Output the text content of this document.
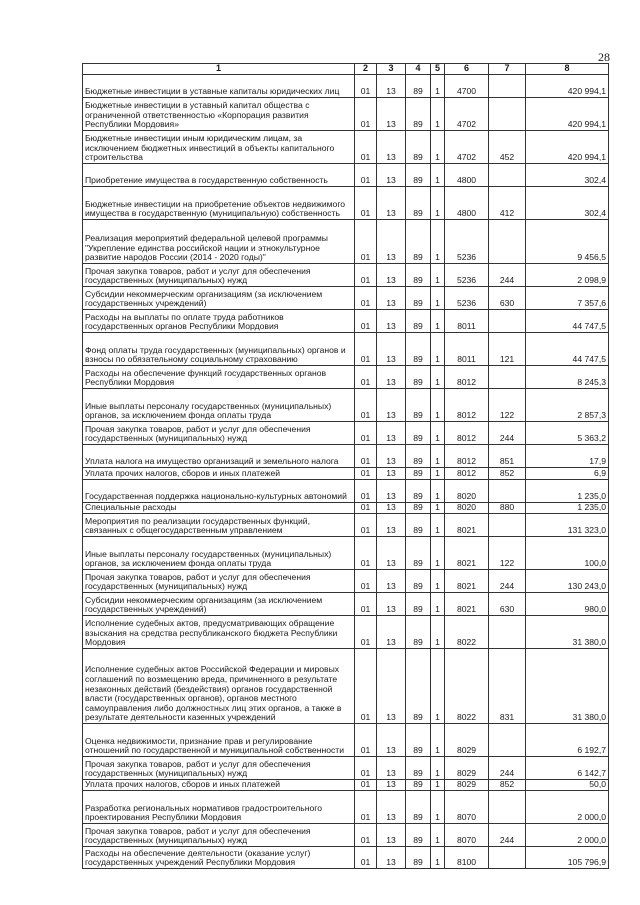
28
1	2	3	4	5	6	7	8
Бюджетные инвестиции в уставные капиталы юридических лиц	01	13	89	1	4700		420 994,1
Бюджетные инвестиции в уставный капитал общества с ограниченной ответственностью «Корпорация развития Республики Мордовия»	01	13	89	1	4702		420 994,1
Бюджетные инвестиции иным юридическим лицам, за исключением бюджетных инвестиций в объекты капитального строительства	01	13	89	1	4702	452	420 994,1
Приобретение имущества в государственную собственность	01	13	89	1	4800		302,4
Бюджетные инвестиции на приобретение объектов недвижимого имущества в государственную (муниципальную) собственность	01	13	89	1	4800	412	302,4
Реализация мероприятий федеральной целевой программы "Укрепление единства российской нации и этнокультурное развитие народов России (2014 - 2020 годы)"	01	13	89	1	5236		9 456,5
Прочая закупка товаров, работ и услуг для обеспечения государственных (муниципальных) нужд	01	13	89	1	5236	244	2 098,9
Субсидии некоммерческим организациям (за исключением государственных учреждений)	01	13	89	1	5236	630	7 357,6
Расходы на выплаты по оплате труда работников государственных органов Республики Мордовия	01	13	89	1	8011		44 747,5
Фонд оплаты труда государственных (муниципальных) органов и взносы по обязательному социальному страхованию	01	13	89	1	8011	121	44 747,5
Расходы на обеспечение функций государственных органов Республики Мордовия	01	13	89	1	8012		8 245,3
Иные выплаты персоналу государственных (муниципальных) органов, за исключением фонда оплаты труда	01	13	89	1	8012	122	2 857,3
Прочая закупка товаров, работ и услуг для обеспечения государственных (муниципальных) нужд	01	13	89	1	8012	244	5 363,2
Уплата налога на имущество организаций и земельного налога	01	13	89	1	8012	851	17,9
Уплата прочих налогов, сборов и иных платежей	01	13	89	1	8012	852	6,9
Государственная поддержка национально-культурных автономий	01	13	89	1	8020		1 235,0
Специальные расходы	01	13	89	1	8020	880	1 235,0
Мероприятия по реализации государственных функций, связанных с общегосударственным управлением	01	13	89	1	8021		131 323,0
Иные выплаты персоналу государственных (муниципальных) органов, за исключением фонда оплаты труда	01	13	89	1	8021	122	100,0
Прочая закупка товаров, работ и услуг для обеспечения государственных (муниципальных) нужд	01	13	89	1	8021	244	130 243,0
Субсидии некоммерческим организациям (за исключением государственных учреждений)	01	13	89	1	8021	630	980,0
Исполнение судебных актов, предусматривающих обращение взыскания на средства республиканского бюджета Республики Мордовия	01	13	89	1	8022		31 380,0
Исполнение судебных актов Российской Федерации и мировых соглашений по возмещению вреда, причиненного в результате незаконных действий (бездействия) органов государственной власти (государственных органов), органов местного самоуправления либо должностных лиц этих органов, а также в результате деятельности казенных учреждений	01	13	89	1	8022	831	31 380,0
Оценка недвижимости, признание прав и регулирование отношений по государственной и муниципальной собственности	01	13	89	1	8029		6 192,7
Прочая закупка товаров, работ и услуг для обеспечения государственных (муниципальных) нужд	01	13	89	1	8029	244	6 142,7
Уплата прочих налогов, сборов и иных платежей	01	13	89	1	8029	852	50,0
Разработка региональных нормативов градостроительного проектирования Республики Мордовия	01	13	89	1	8070		2 000,0
Прочая закупка товаров, работ и услуг для обеспечения государственных (муниципальных) нужд	01	13	89	1	8070	244	2 000,0
Расходы на обеспечение деятельности (оказание услуг) государственных учреждений Республики Мордовия	01	13	89	1	8100		105 796,9
